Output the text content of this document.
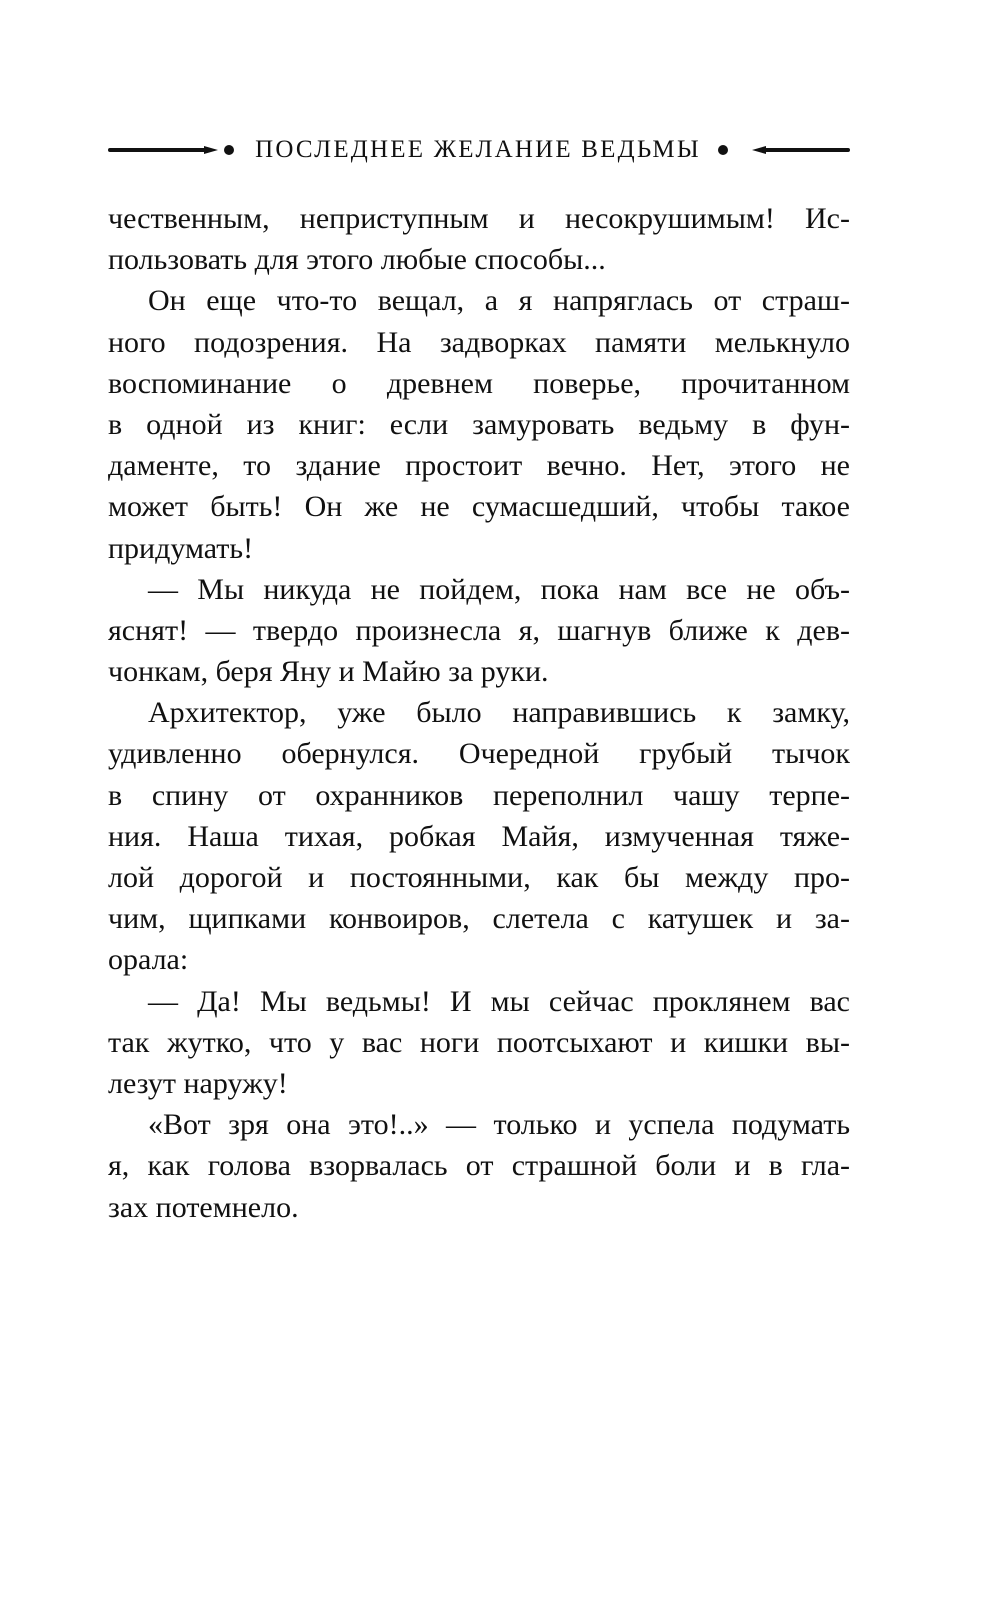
ПОСЛЕДНЕЕ ЖЕЛАНИЕ ВЕДЬМЫ
чественным, неприступным и несокрушимым! Ис-
пользовать для этого любые способы...
Он еще что-то вещал, а я напряглась от страш-
ного подозрения. На задворках памяти мелькнуло
воспоминание о древнем поверье, прочитанном
в одной из книг: если замуровать ведьму в фун-
даменте, то здание простоит вечно. Нет, этого не
может быть! Он же не сумасшедший, чтобы такое
придумать!
— Мы никуда не пойдем, пока нам все не объ-
яснят! — твердо произнесла я, шагнув ближе к дев-
чонкам, беря Яну и Майю за руки.
Архитектор, уже было направившись к замку,
удивленно обернулся. Очередной грубый тычок
в спину от охранников переполнил чашу терпе-
ния. Наша тихая, робкая Майя, измученная тяже-
лой дорогой и постоянными, как бы между про-
чим, щипками конвоиров, слетела с катушек и за-
орала:
— Да! Мы ведьмы! И мы сейчас проклянем вас
так жутко, что у вас ноги поотсыхают и кишки вы-
лезут наружу!
«Вот зря она это!..» — только и успела подумать
я, как голова взорвалась от страшной боли и в гла-
зах потемнело.
